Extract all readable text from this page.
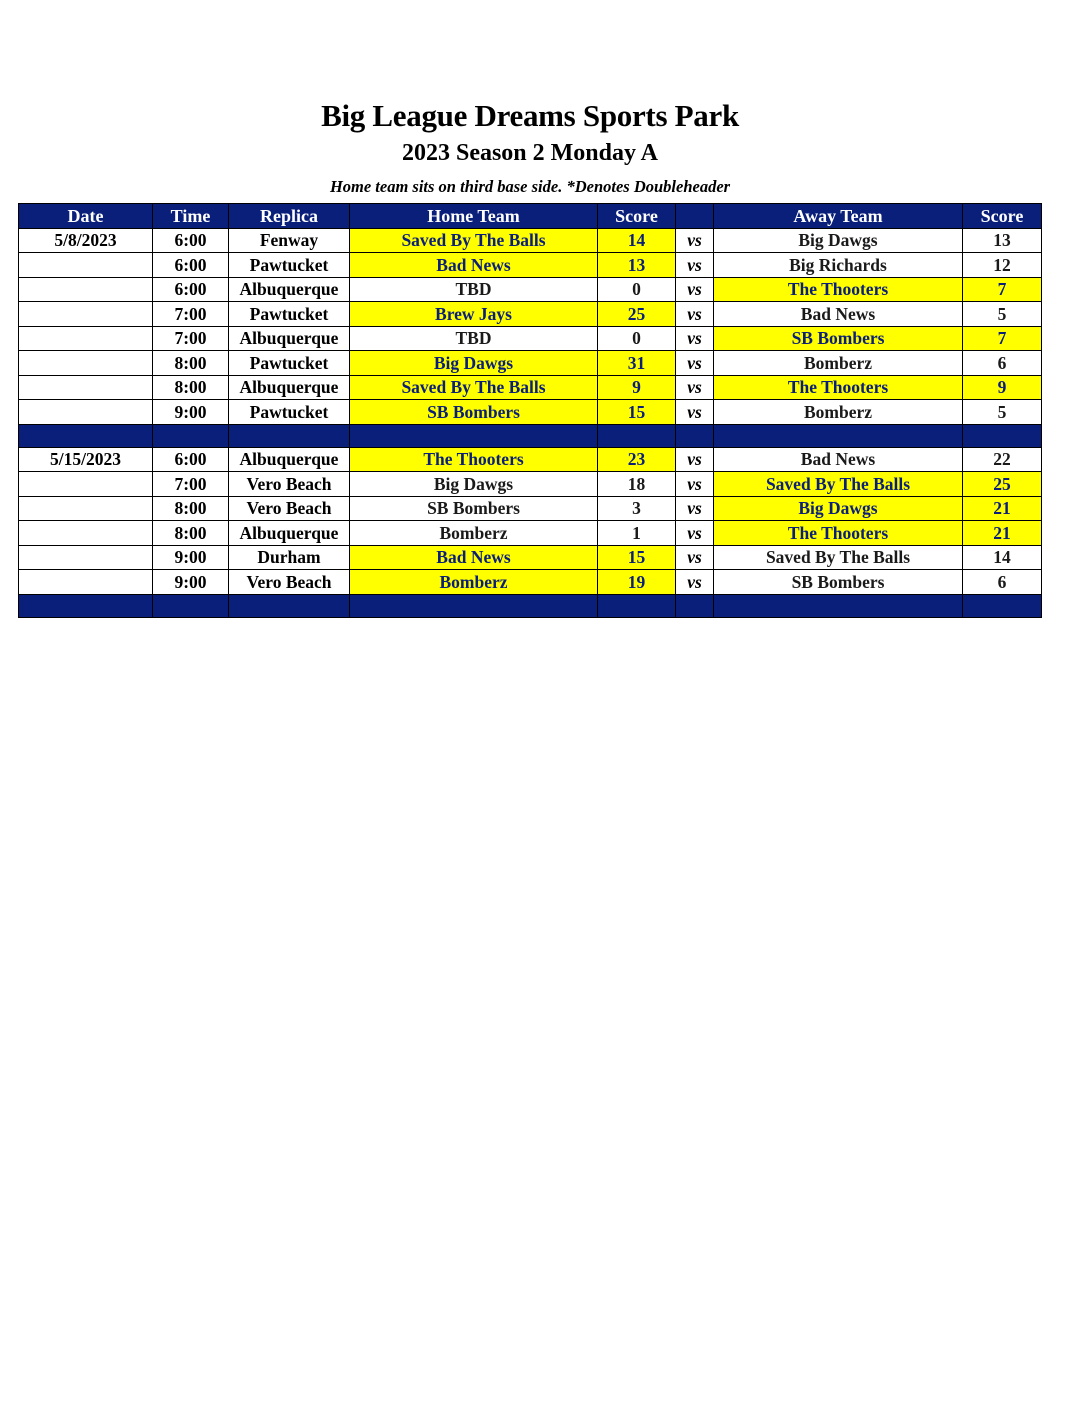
Big League Dreams Sports Park
2023 Season 2 Monday A
Home team sits on third base side. *Denotes Doubleheader
Date	Time	Replica	Home Team	Score		Away Team	Score
5/8/2023	6:00	Fenway	Saved By The Balls	14	vs	Big Dawgs	13
	6:00	Pawtucket	Bad News	13	vs	Big Richards	12
	6:00	Albuquerque	TBD	0	vs	The Thooters	7
	7:00	Pawtucket	Brew Jays	25	vs	Bad News	5
	7:00	Albuquerque	TBD	0	vs	SB Bombers	7
	8:00	Pawtucket	Big Dawgs	31	vs	Bomberz	6
	8:00	Albuquerque	Saved By The Balls	9	vs	The Thooters	9
	9:00	Pawtucket	SB Bombers	15	vs	Bomberz	5

5/15/2023	6:00	Albuquerque	The Thooters	23	vs	Bad News	22
	7:00	Vero Beach	Big Dawgs	18	vs	Saved By The Balls	25
	8:00	Vero Beach	SB Bombers	3	vs	Big Dawgs	21
	8:00	Albuquerque	Bomberz	1	vs	The Thooters	21
	9:00	Durham	Bad News	15	vs	Saved By The Balls	14
	9:00	Vero Beach	Bomberz	19	vs	SB Bombers	6
